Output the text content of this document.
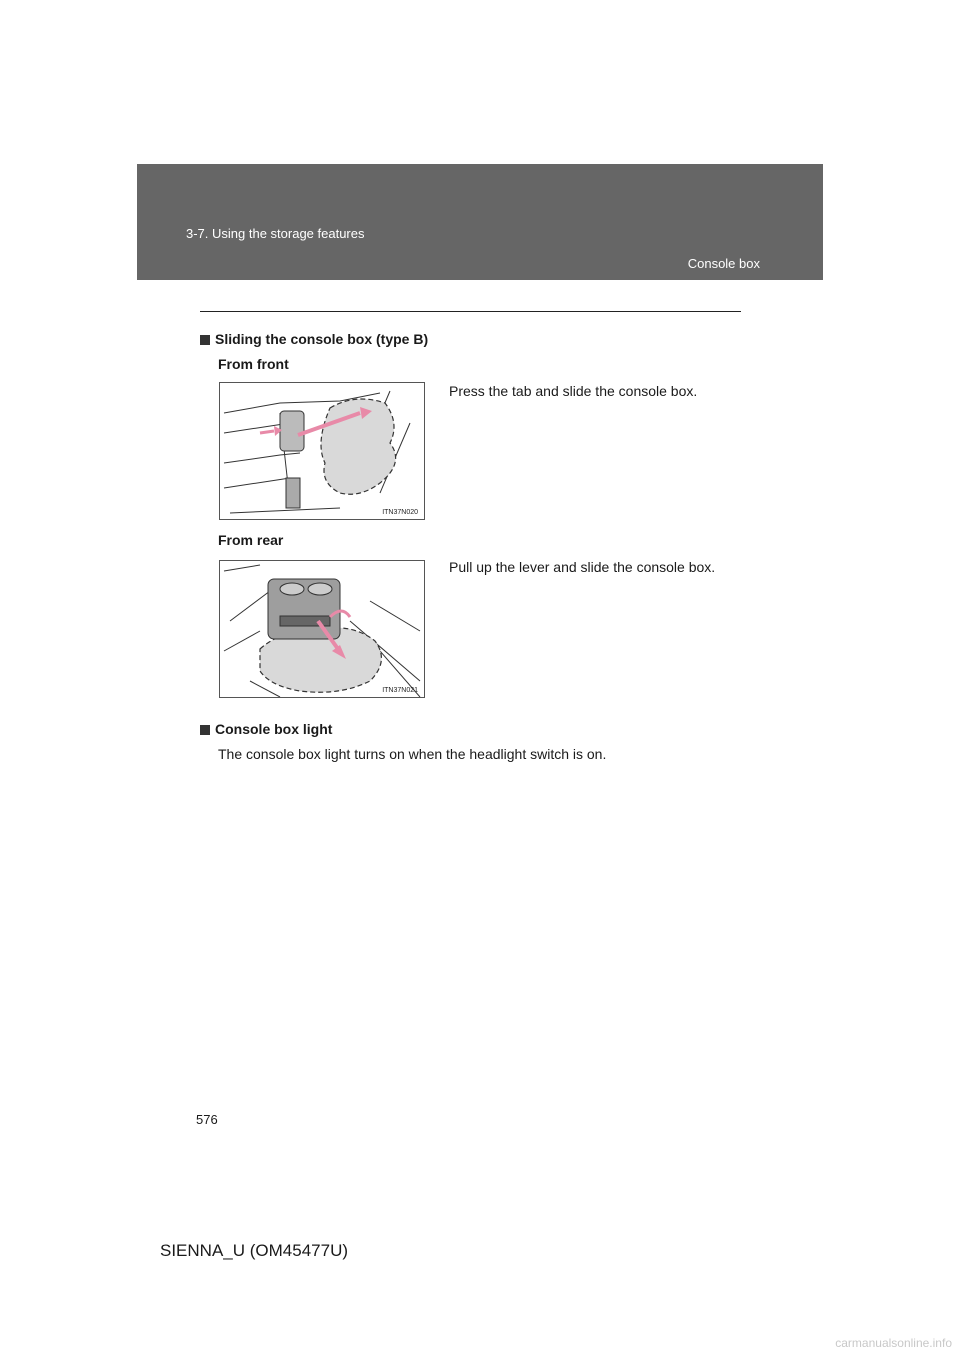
3-7. Using the storage features
Console box
Sliding the console box (type B)
From front
ITN37N020
Press the tab and slide the console box.
From rear
ITN37N021
Pull up the lever and slide the console box.
Console box light
The console box light turns on when the headlight switch is on.
576
SIENNA_U (OM45477U)
carmanualsonline.info
